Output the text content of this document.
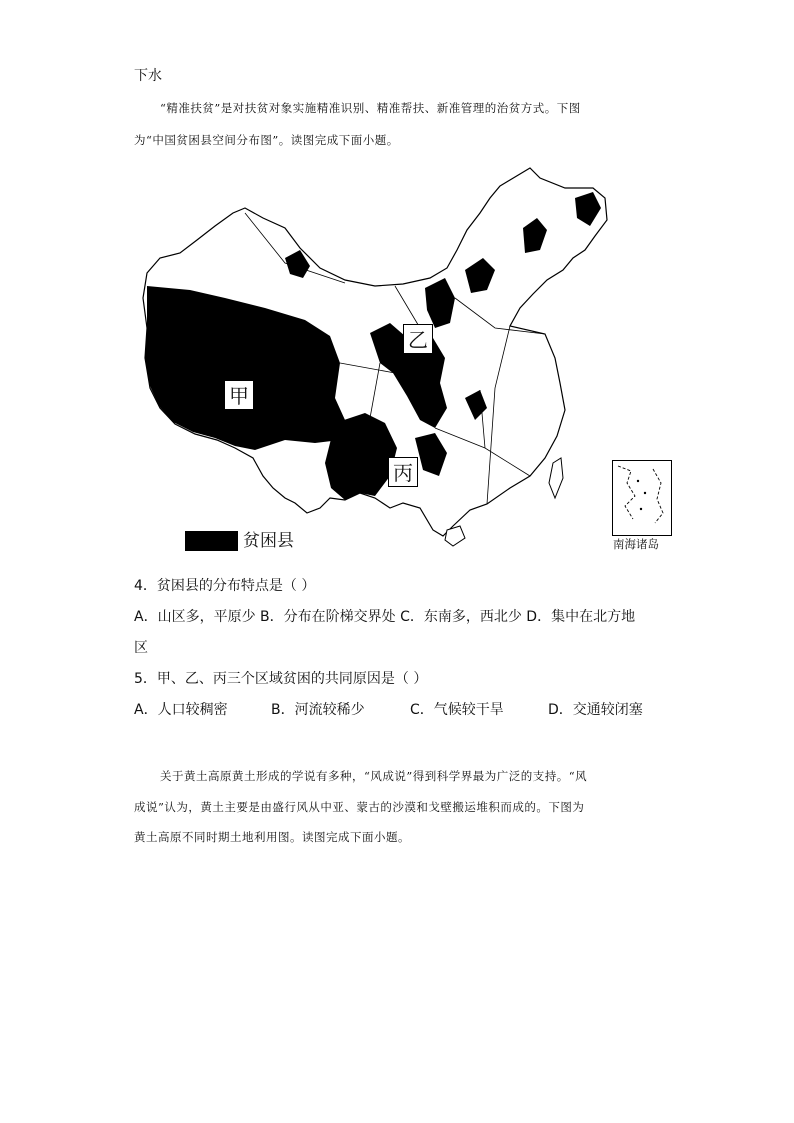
下水
“精准扶贫”是对扶贫对象实施精准识别、精准帮扶、新准管理的治贫方式。下图
为“中国贫困县空间分布图”。读图完成下面小题。
乙
甲
丙
贫困县	南海诸岛
4．贫困县的分布特点是（ ）
A．山区多，平原少 B．分布在阶梯交界处 C．东南多，西北少 D．集中在北方地
区
5．甲、乙、丙三个区域贫困的共同原因是（ ）
A．人口较稠密	B．河流较稀少	C．气候较干旱	D．交通较闭塞
关于黄土高原黄土形成的学说有多种，“风成说”得到科学界最为广泛的支持。“风
成说”认为，黄土主要是由盛行风从中亚、蒙古的沙漠和戈壁搬运堆积而成的。下图为
黄土高原不同时期土地利用图。读图完成下面小题。
